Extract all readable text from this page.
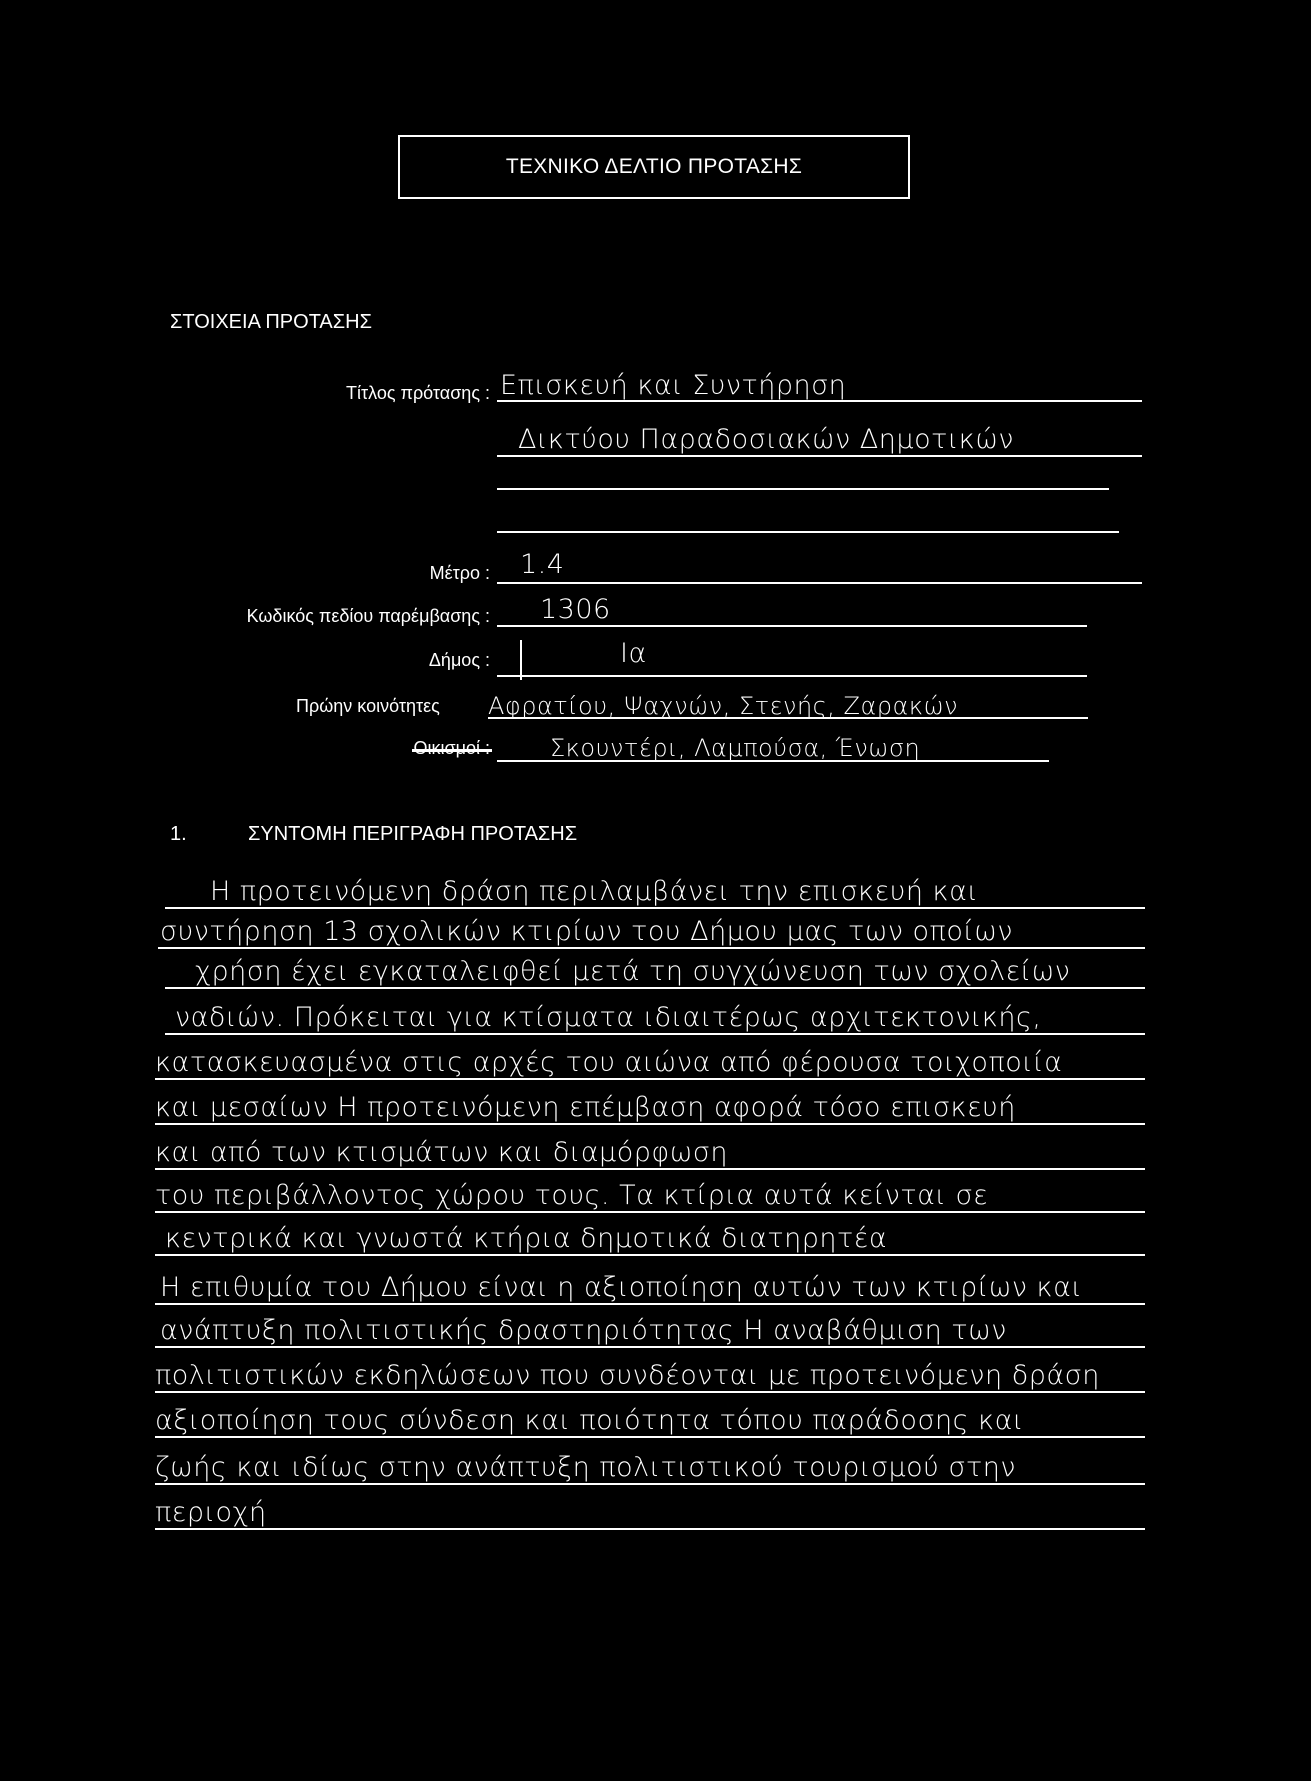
ΤΕΧΝΙΚΟ ΔΕΛΤΙΟ ΠΡΟΤΑΣΗΣ
ΣΤΟΙΧΕΙΑ ΠΡΟΤΑΣΗΣ
Τίτλος πρότασης : Επισκευή και Συντήρηση
Δικτύου Παραδοσιακών Δημοτικών
Μέτρο : 1.4
Κωδικός πεδίου παρέμβασης : 1306
Δήμος :	Ια
Πρώην κοινότητες	Αφρατίου, Ψαχνών, Στενής, Ζαρακών
Οικισμοί :	Σκουντέρι, Λαμπούσα, Ένωση
1.	ΣΥΝΤΟΜΗ ΠΕΡΙΓΡΑΦΗ ΠΡΟΤΑΣΗΣ
Η προτεινόμενη δράση περιλαμβάνει την επισκευή και
συντήρηση 13 σχολικών κτιρίων του Δήμου μας των οποίων
χρήση έχει εγκαταλειφθεί μετά τη συγχώνευση των σχολείων
ναδιών. Πρόκειται για κτίσματα ιδιαιτέρως αρχιτεκτονικής,
κατασκευασμένα στις αρχές του αιώνα από φέρουσα τοιχοποιία
και μεσαίων Η προτεινόμενη επέμβαση αφορά τόσο επισκευή
και από των κτισμάτων και διαμόρφωση
του περιβάλλοντος χώρου τους. Τα κτίρια αυτά κείνται σε
κεντρικά και γνωστά κτήρια δημοτικά διατηρητέα
Η επιθυμία του Δήμου είναι η αξιοποίηση αυτών των κτιρίων και
ανάπτυξη πολιτιστικής δραστηριότητας Η αναβάθμιση των
πολιτιστικών εκδηλώσεων που συνδέονται με προτεινόμενη δράση
αξιοποίηση τους σύνδεση και ποιότητα τόπου παράδοσης και
ζωής και ιδίως στην ανάπτυξη πολιτιστικού τουρισμού στην
περιοχή
